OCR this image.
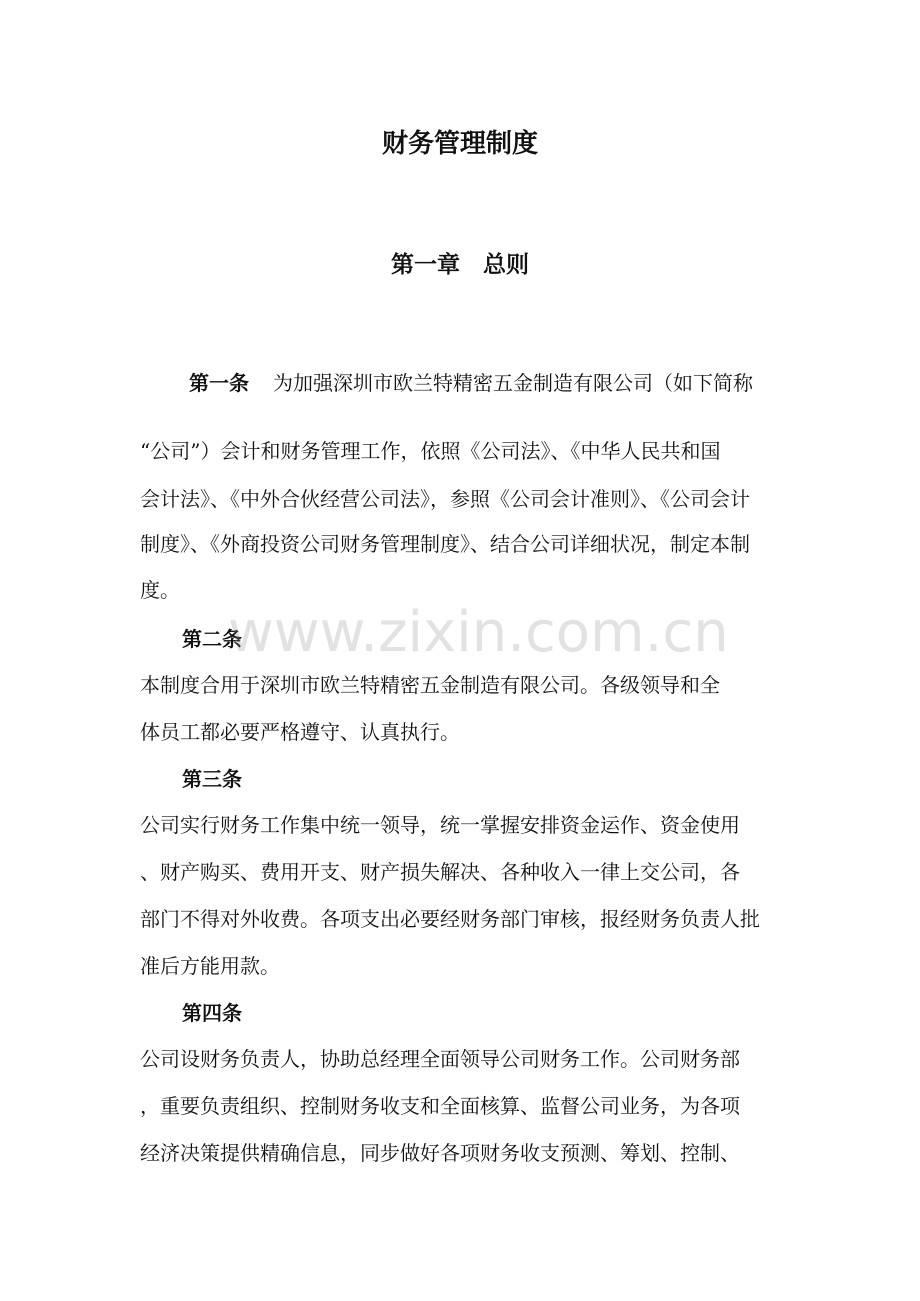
财务管理制度
第一章　总则

第一条 为加强深圳市欧兰特精密五金制造有限公司（如下简称

“公司”）会计和财务管理工作，依照《公司法》、《中华人民共和国

会计法》、《中外合伙经营公司法》，参照《公司会计准则》、《公司会计

制度》、《外商投资公司财务管理制度》、结合公司详细状况，制定本制

度。

第二条

本制度合用于深圳市欧兰特精密五金制造有限公司。各级领导和全

体员工都必要严格遵守、认真执行。

第三条

公司实行财务工作集中统一领导，统一掌握安排资金运作、资金使用

、财产购买、费用开支、财产损失解决、各种收入一律上交公司，各

部门不得对外收费。各项支出必要经财务部门审核，报经财务负责人批

准后方能用款。

第四条

公司设财务负责人，协助总经理全面领导公司财务工作。公司财务部

，重要负责组织、控制财务收支和全面核算、监督公司业务，为各项

经济决策提供精确信息，同步做好各项财务收支预测、筹划、控制、

www.zixin.com.cn
